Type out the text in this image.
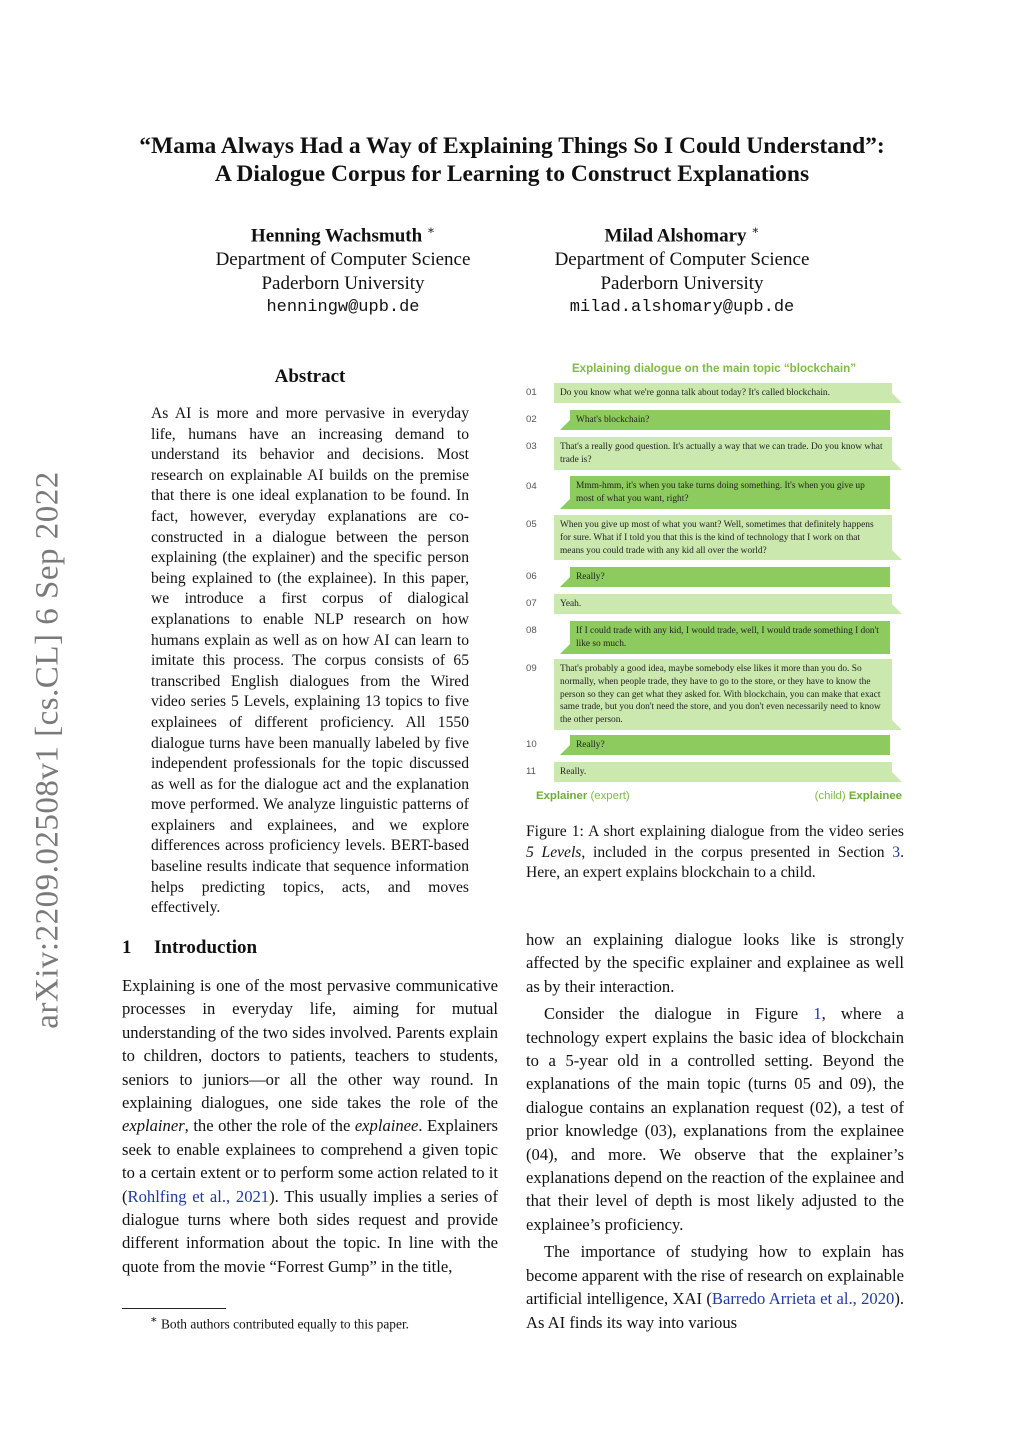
arXiv:2209.02508v1 [cs.CL] 6 Sep 2022
“Mama Always Had a Way of Explaining Things So I Could Understand”:
A Dialogue Corpus for Learning to Construct Explanations
Henning Wachsmuth ∗
Department of Computer Science
Paderborn University
henningw@upb.de
Milad Alshomary ∗
Department of Computer Science
Paderborn University
milad.alshomary@upb.de
Abstract
As AI is more and more pervasive in everyday life, humans have an increasing demand to understand its behavior and decisions. Most research on explainable AI builds on the premise that there is one ideal explanation to be found. In fact, however, everyday explanations are co-constructed in a dialogue between the person explaining (the explainer) and the specific person being explained to (the explainee). In this paper, we introduce a first corpus of dialogical explanations to enable NLP research on how humans explain as well as on how AI can learn to imitate this process. The corpus consists of 65 transcribed English dialogues from the Wired video series 5 Levels, explaining 13 topics to five explainees of different proficiency. All 1550 dialogue turns have been manually labeled by five independent professionals for the topic discussed as well as for the dialogue act and the explanation move performed. We analyze linguistic patterns of explainers and explainees, and we explore differences across proficiency levels. BERT-based baseline results indicate that sequence information helps predicting topics, acts, and moves effectively.
1 Introduction

Explaining is one of the most pervasive communicative processes in everyday life, aiming for mutual understanding of the two sides involved. Parents explain to children, doctors to patients, teachers to students, seniors to juniors—or all the other way round. In explaining dialogues, one side takes the role of the explainer, the other the role of the explainee. Explainers seek to enable explainees to comprehend a given topic to a certain extent or to perform some action related to it (Rohlfing et al., 2021). This usually implies a series of dialogue turns where both sides request and provide different information about the topic. In line with the quote from the movie “Forrest Gump” in the title,

∗ Both authors contributed equally to this paper.
Explaining dialogue on the main topic “blockchain”
01	Do you know what we're gonna talk about today? It's called blockchain.
02	What's blockchain?
03	That's a really good question. It's actually a way that we can trade. Do you know what trade is?
04	Mmm-hmm, it's when you take turns doing something. It's when you give up most of what you want, right?
05	When you give up most of what you want? Well, sometimes that definitely happens for sure. What if I told you that this is the kind of technology that I work on that means you could trade with any kid all over the world?
06	Really?
07	Yeah.
08	If I could trade with any kid, I would trade, well, I would trade something I don't like so much.
09	That's probably a good idea, maybe somebody else likes it more than you do. So normally, when people trade, they have to go to the store, or they have to know the person so they can get what they asked for. With blockchain, you can make that exact same trade, but you don't need the store, and you don't even necessarily need to know the other person.
10	Really?
11	Really.
Explainer (expert)	(child) Explainee
Figure 1: A short explaining dialogue from the video series 5 Levels, included in the corpus presented in Section 3. Here, an expert explains blockchain to a child.

how an explaining dialogue looks like is strongly affected by the specific explainer and explainee as well as by their interaction.

Consider the dialogue in Figure 1, where a technology expert explains the basic idea of blockchain to a 5-year old in a controlled setting. Beyond the explanations of the main topic (turns 05 and 09), the dialogue contains an explanation request (02), a test of prior knowledge (03), explanations from the explainee (04), and more. We observe that the explainer’s explanations depend on the reaction of the explainee and that their level of depth is most likely adjusted to the explainee’s proficiency.

The importance of studying how to explain has become apparent with the rise of research on explainable artificial intelligence, XAI (Barredo Arrieta et al., 2020). As AI finds its way into various
